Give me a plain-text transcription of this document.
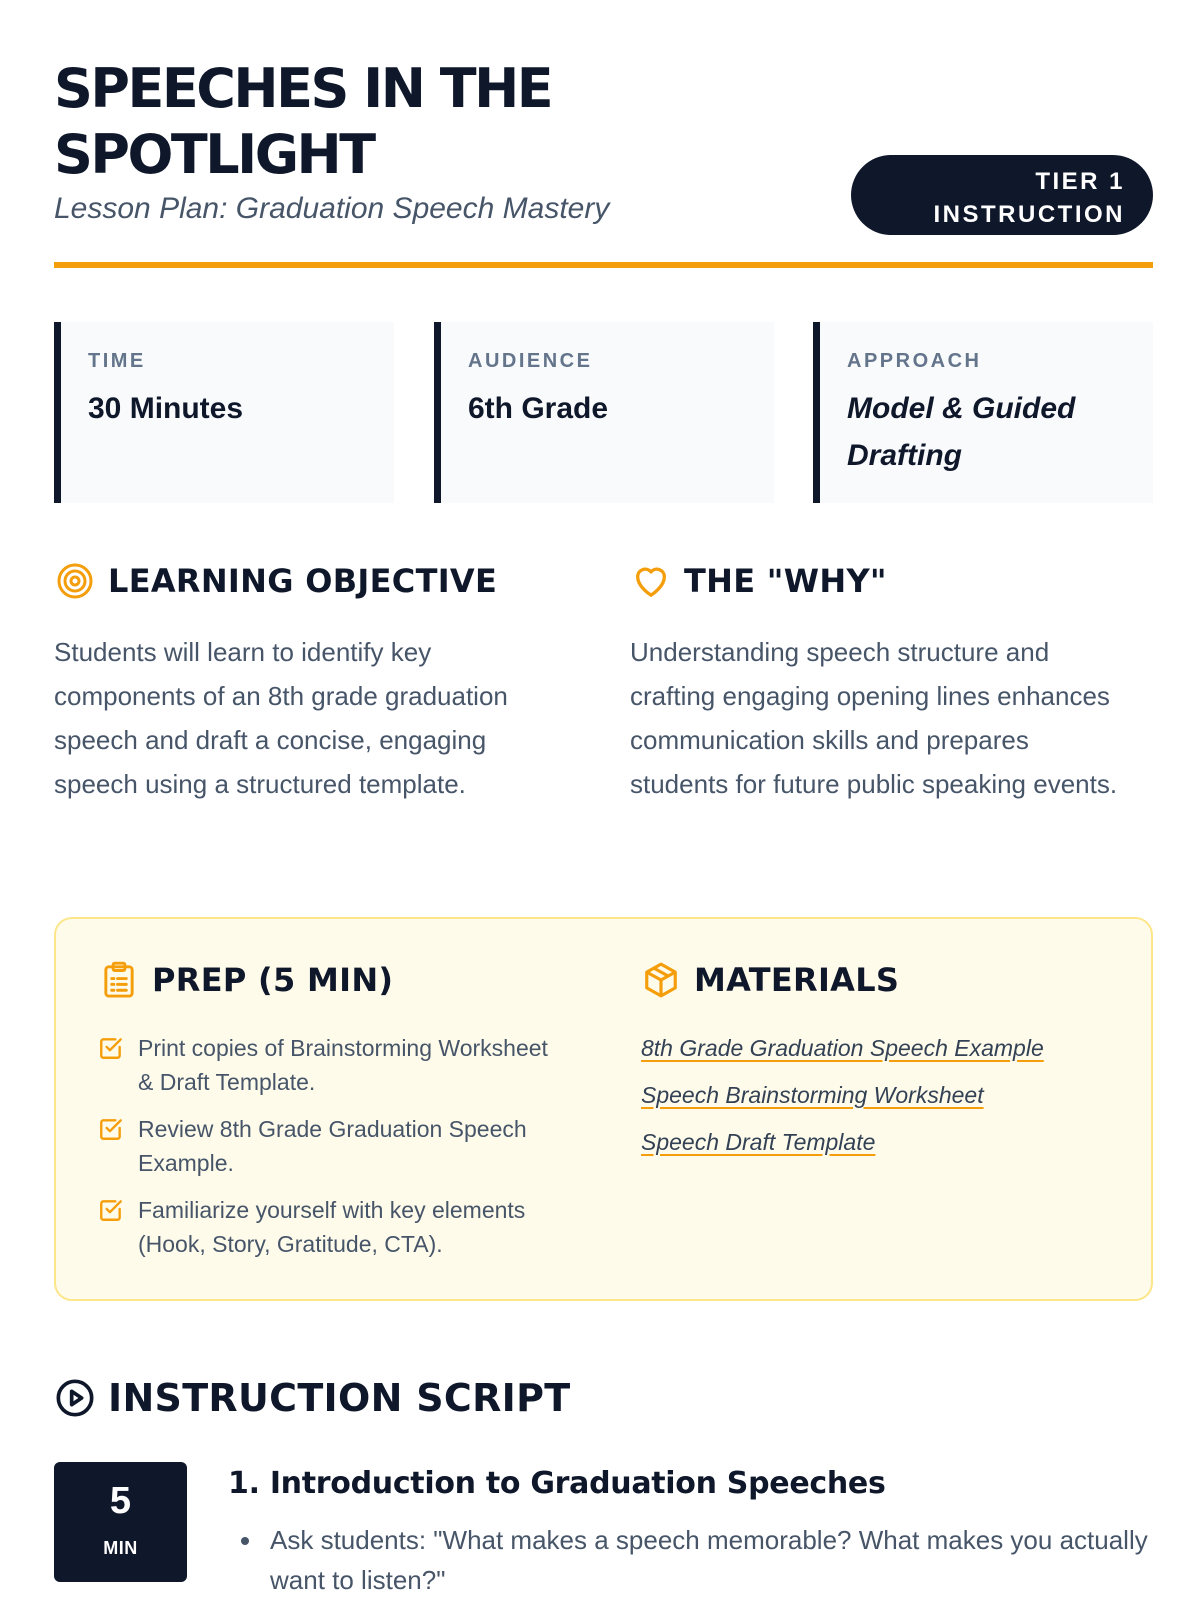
SPEECHES IN THE SPOTLIGHT
Lesson Plan: Graduation Speech Mastery
TIER 1
INSTRUCTION
TIME
30 Minutes
AUDIENCE
6th Grade
APPROACH
Model & Guided Drafting
LEARNING OBJECTIVE

Students will learn to identify key components of an 8th grade graduation speech and draft a concise, engaging speech using a structured template.

THE "WHY"

Understanding speech structure and crafting engaging opening lines enhances communication skills and prepares students for future public speaking events.

PREP (5 MIN)
Print copies of Brainstorming Worksheet & Draft Template.
Review 8th Grade Graduation Speech Example.
Familiarize yourself with key elements (Hook, Story, Gratitude, CTA).
MATERIALS
8th Grade Graduation Speech Example
Speech Brainstorming Worksheet
Speech Draft Template
INSTRUCTION SCRIPT
5
MIN
1. Introduction to Graduation Speeches
• Ask students: "What makes a speech memorable? What makes you actually want to listen?"
